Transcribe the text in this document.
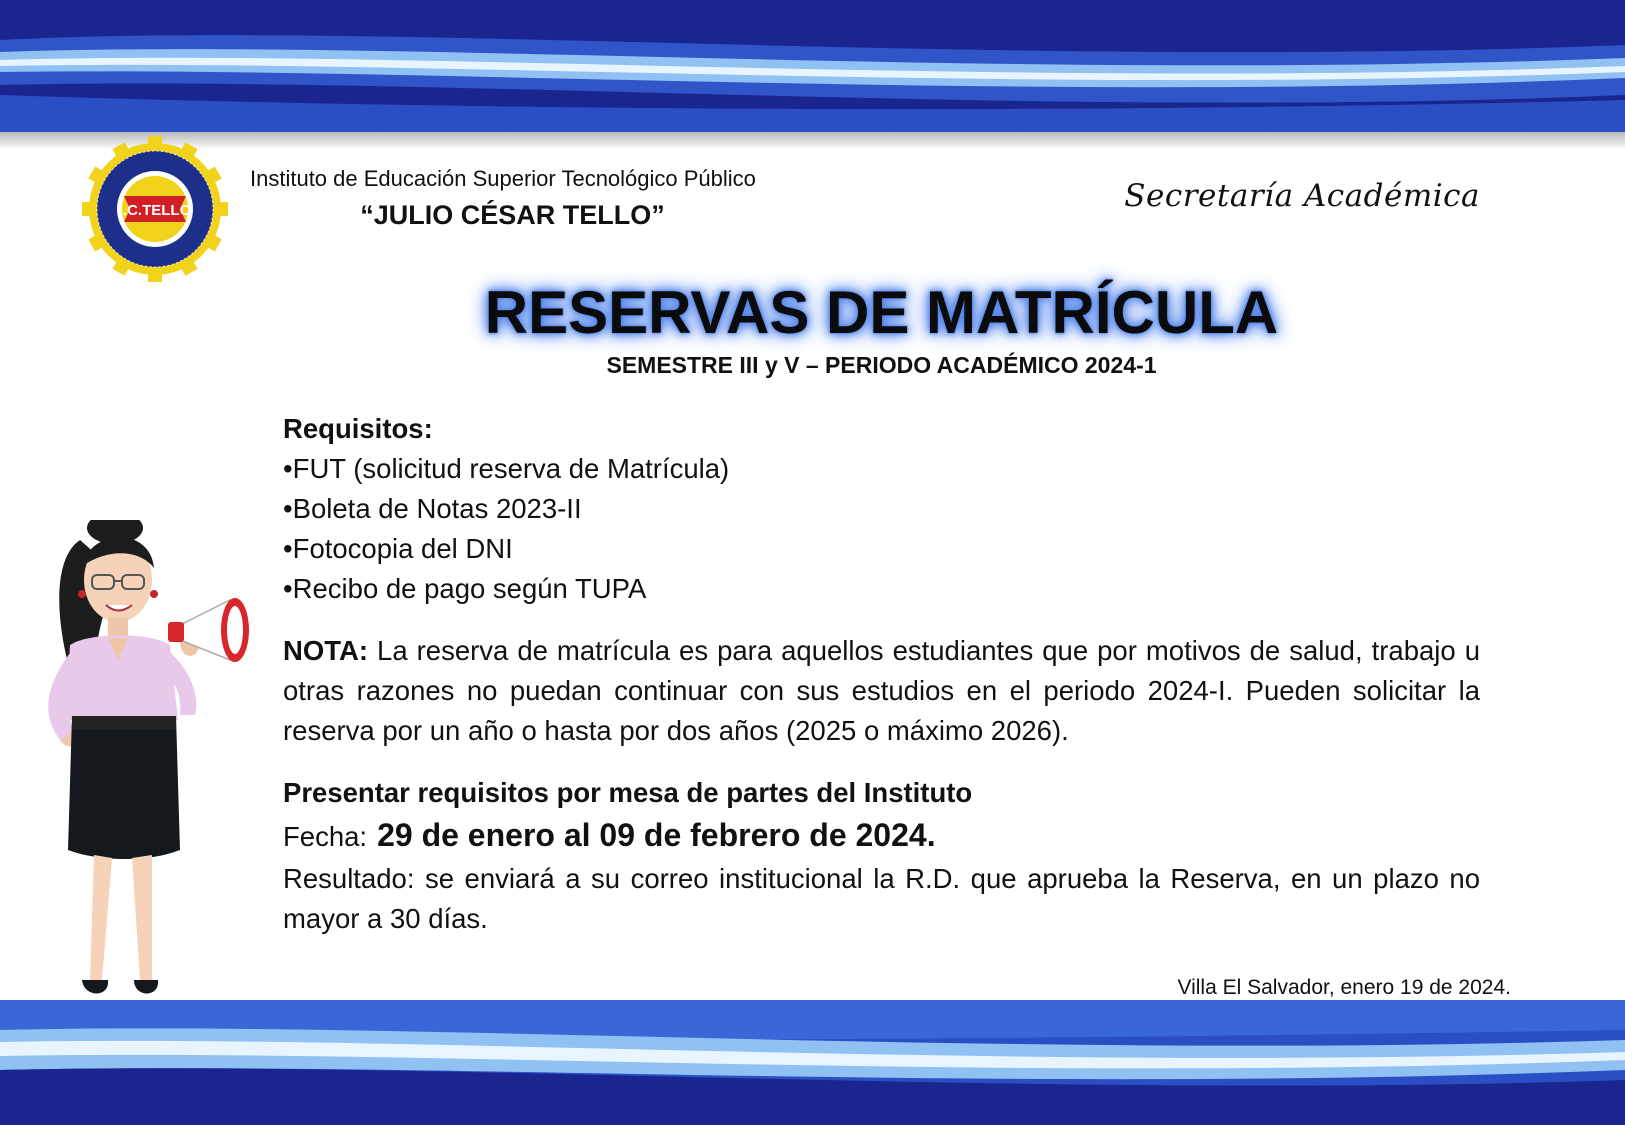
I.C.TELLO
Instituto de Educación Superior Tecnológico Público
“JULIO CÉSAR TELLO”
Secretaría Académica
RESERVAS DE MATRÍCULA
SEMESTRE III y V – PERIODO ACADÉMICO 2024-1
Requisitos:
• FUT (solicitud reserva de Matrícula)
• Boleta de Notas 2023-II
• Fotocopia del DNI
• Recibo de pago según TUPA
NOTA: La reserva de matrícula es para aquellos estudiantes que por motivos de salud, trabajo u otras razones no puedan continuar con sus estudios en el periodo 2024-I. Pueden solicitar la reserva por un año o hasta por dos años (2025 o máximo 2026).
Presentar requisitos por mesa de partes del Instituto
Fecha: 29 de enero al 09 de febrero de 2024.
Resultado: se enviará a su correo institucional la R.D. que aprueba la Reserva, en un plazo no mayor a 30 días.
Villa El Salvador, enero 19 de 2024.
